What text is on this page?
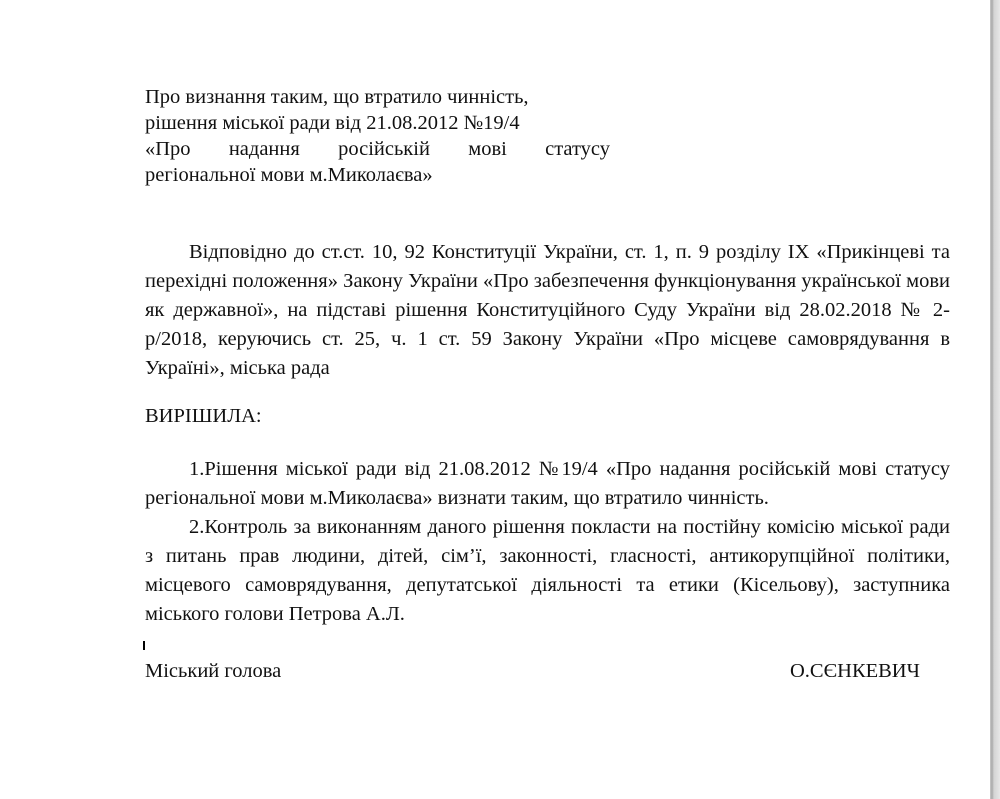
Про визнання таким, що втратило чинність,
рішення міської ради від 21.08.2012 №19/4
«Про надання російській мові статусу
регіональної мови м.Миколаєва»

Відповідно до ст.ст. 10, 92 Конституції України, ст. 1, п. 9 розділу ІХ «Прикінцеві та перехідні положення» Закону України «Про забезпечення функціонування української мови як державної», на підставі рішення Конституційного Суду України від 28.02.2018 № 2-р/2018, керуючись ст. 25, ч. 1 ст. 59 Закону України «Про місцеве самоврядування в Україні», міська рада

ВИРІШИЛА:

1.Рішення міської ради від 21.08.2012 №19/4 «Про надання російській мові статусу регіональної мови м.Миколаєва» визнати таким, що втратило чинність.

2.Контроль за виконанням даного рішення покласти на постійну комісію міської ради з питань прав людини, дітей, сім’ї, законності, гласності, антикорупційної політики, місцевого самоврядування, депутатської діяльності та етики (Кісельову), заступника міського голови Петрова А.Л.

Міський голова	О.СЄНКЕВИЧ
